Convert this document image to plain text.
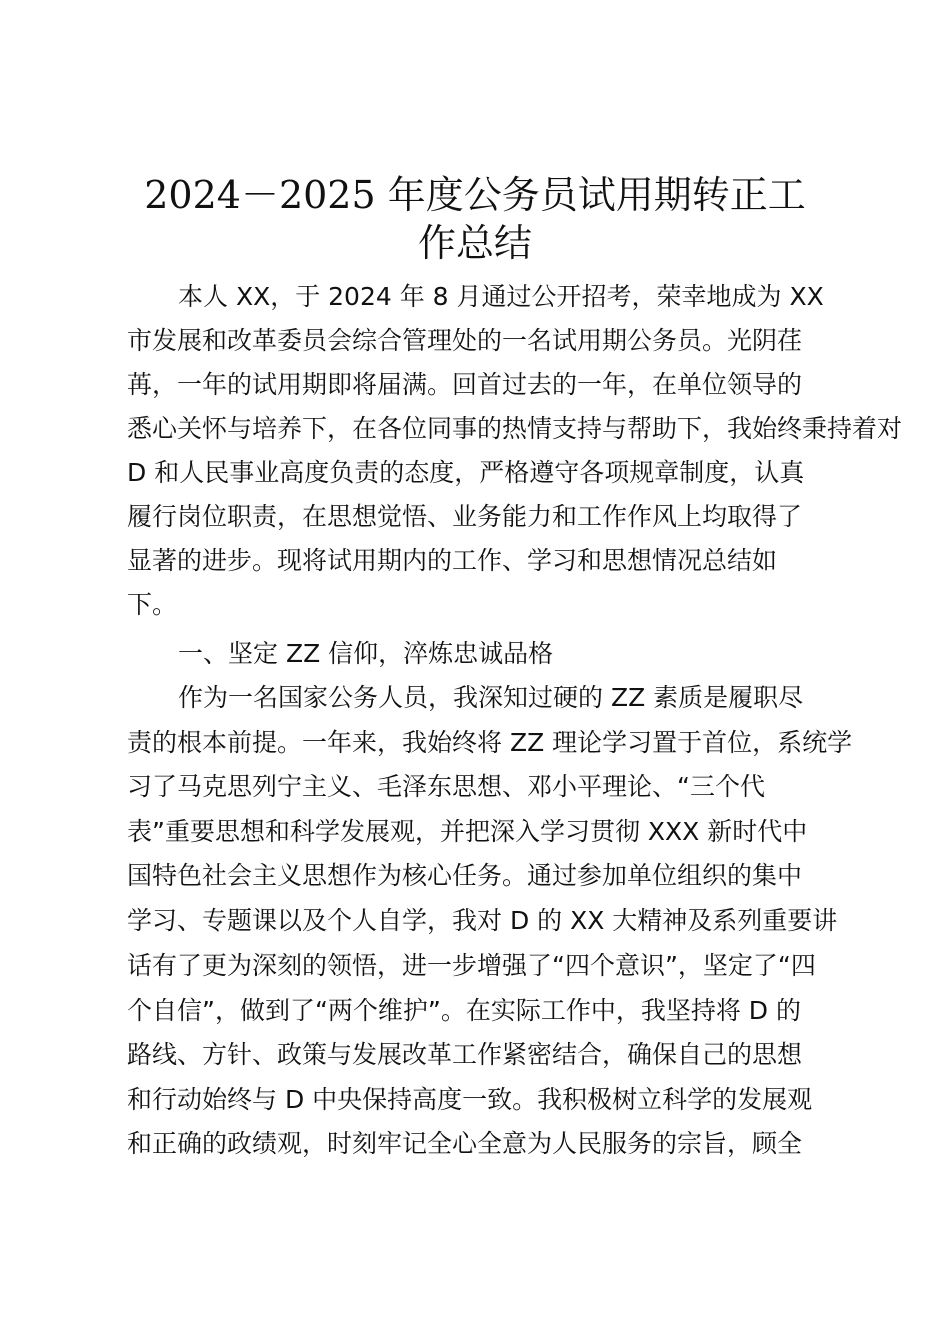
2024－2025 年度公务员试用期转正工
作总结

本人 XX，于 2024 年 8 月通过公开招考，荣幸地成为 XX

市发展和改革委员会综合管理处的一名试用期公务员。光阴荏

苒，一年的试用期即将届满。回首过去的一年，在单位领导的

悉心关怀与培养下，在各位同事的热情支持与帮助下，我始终秉持着对

D 和人民事业高度负责的态度，严格遵守各项规章制度，认真

履行岗位职责，在思想觉悟、业务能力和工作作风上均取得了

显著的进步。现将试用期内的工作、学习和思想情况总结如

下。

一、坚定 ZZ 信仰，淬炼忠诚品格

作为一名国家公务人员，我深知过硬的 ZZ 素质是履职尽

责的根本前提。一年来，我始终将 ZZ 理论学习置于首位，系统学

习了马克思列宁主义、毛泽东思想、邓小平理论、“三个代

表”重要思想和科学发展观，并把深入学习贯彻 XXX 新时代中

国特色社会主义思想作为核心任务。通过参加单位组织的集中

学习、专题课以及个人自学，我对 D 的 XX 大精神及系列重要讲

话有了更为深刻的领悟，进一步增强了“四个意识”，坚定了“四

个自信”，做到了“两个维护”。在实际工作中，我坚持将 D 的

路线、方针、政策与发展改革工作紧密结合，确保自己的思想

和行动始终与 D 中央保持高度一致。我积极树立科学的发展观

和正确的政绩观，时刻牢记全心全意为人民服务的宗旨，顾全
